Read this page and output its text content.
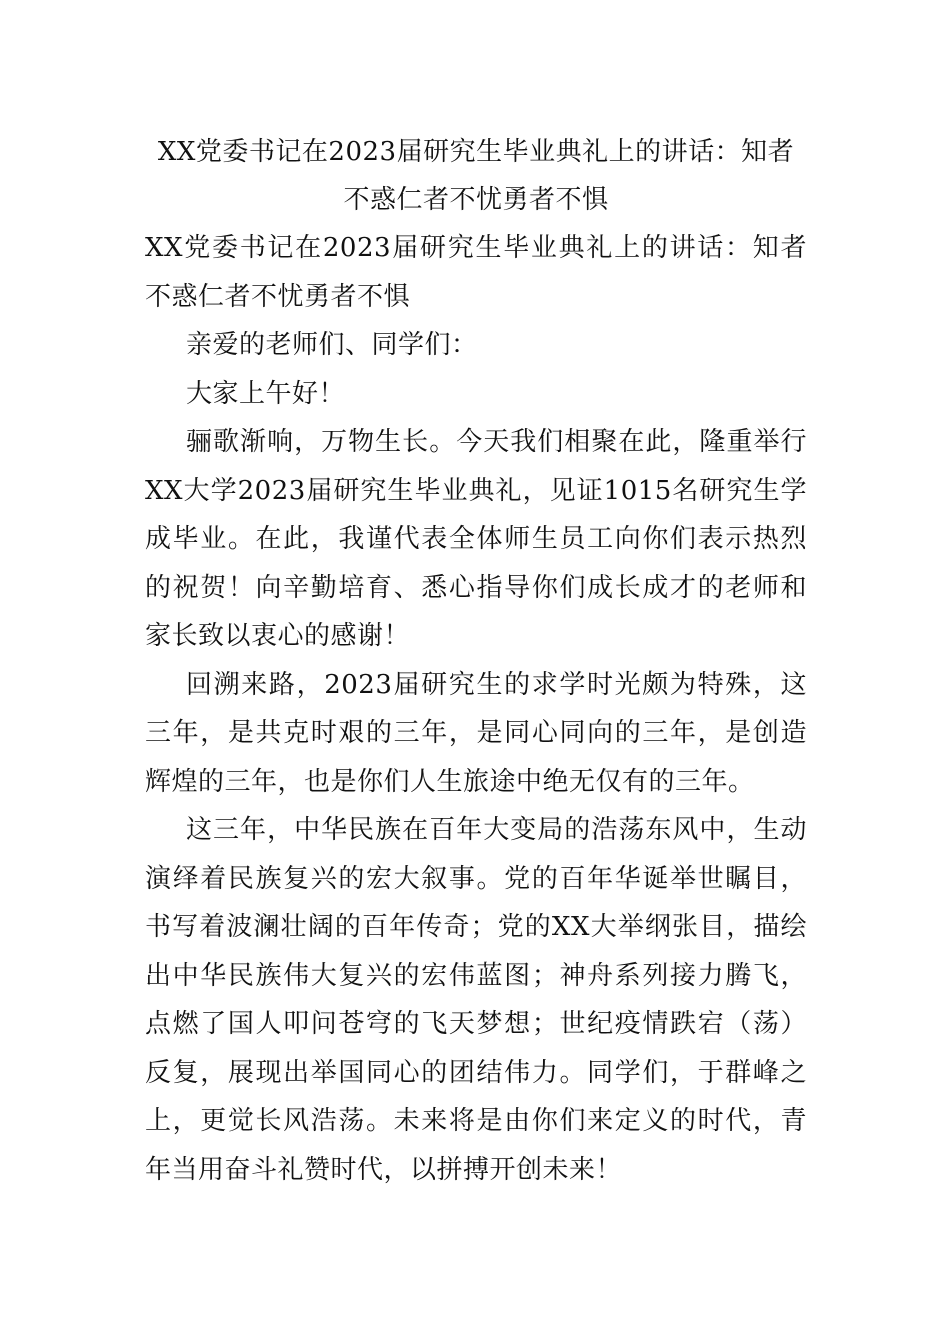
XX党委书记在2023届研究生毕业典礼上的讲话：知者不惑仁者不忧勇者不惧

XX党委书记在2023届研究生毕业典礼上的讲话：知者不惑仁者不忧勇者不惧

亲爱的老师们、同学们：

大家上午好！

骊歌渐响，万物生长。今天我们相聚在此，隆重举行XX大学2023届研究生毕业典礼，见证1015名研究生学成毕业。在此，我谨代表全体师生员工向你们表示热烈的祝贺！向辛勤培育、悉心指导你们成长成才的老师和家长致以衷心的感谢！

回溯来路，2023届研究生的求学时光颇为特殊，这三年，是共克时艰的三年，是同心同向的三年，是创造辉煌的三年，也是你们人生旅途中绝无仅有的三年。

这三年，中华民族在百年大变局的浩荡东风中，生动演绎着民族复兴的宏大叙事。党的百年华诞举世瞩目，书写着波澜壮阔的百年传奇；党的XX大举纲张目，描绘出中华民族伟大复兴的宏伟蓝图；神舟系列接力腾飞，点燃了国人叩问苍穹的飞天梦想；世纪疫情跌宕（荡）反复，展现出举国同心的团结伟力。同学们，于群峰之上，更觉长风浩荡。未来将是由你们来定义的时代，青年当用奋斗礼赞时代，以拼搏开创未来！
